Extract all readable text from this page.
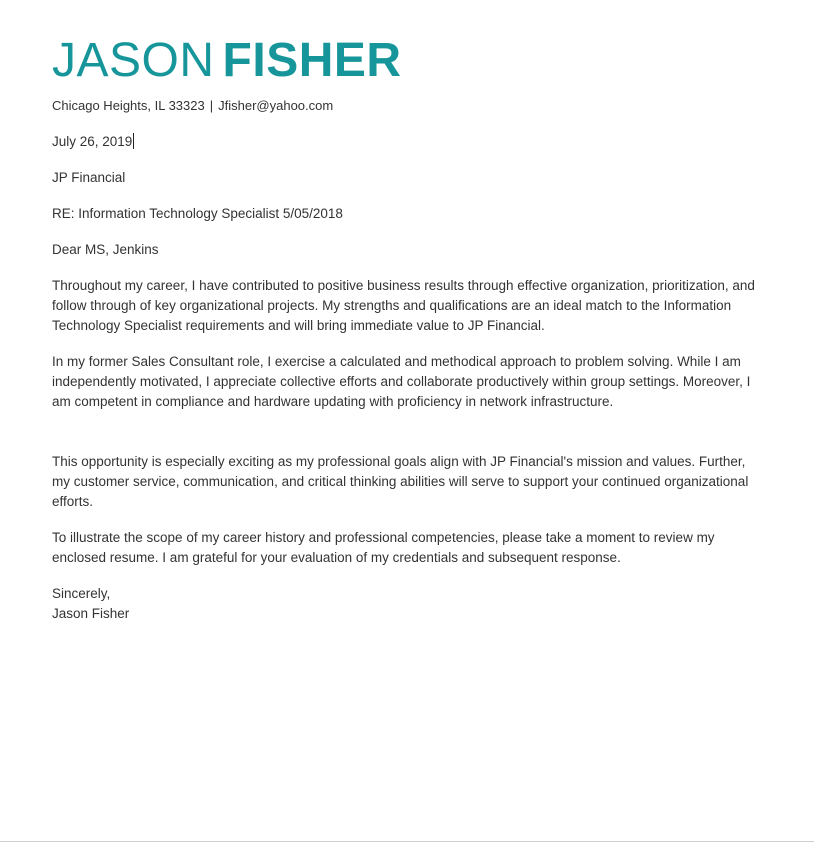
JASON FISHER
Chicago Heights, IL 33323 | Jfisher@yahoo.com
July 26, 2019
JP Financial
RE: Information Technology Specialist 5/05/2018
Dear MS, Jenkins

Throughout my career, I have contributed to positive business results through effective organization, prioritization, and follow through of key organizational projects. My strengths and qualifications are an ideal match to the Information Technology Specialist requirements and will bring immediate value to JP Financial.

In my former Sales Consultant role, I exercise a calculated and methodical approach to problem solving. While I am independently motivated, I appreciate collective efforts and collaborate productively within group settings. Moreover, I am competent in compliance and hardware updating with proficiency in network infrastructure.

This opportunity is especially exciting as my professional goals align with JP Financial's mission and values. Further, my customer service, communication, and critical thinking abilities will serve to support your continued organizational efforts.

To illustrate the scope of my career history and professional competencies, please take a moment to review my enclosed resume. I am grateful for your evaluation of my credentials and subsequent response.

Sincerely,
Jason Fisher
